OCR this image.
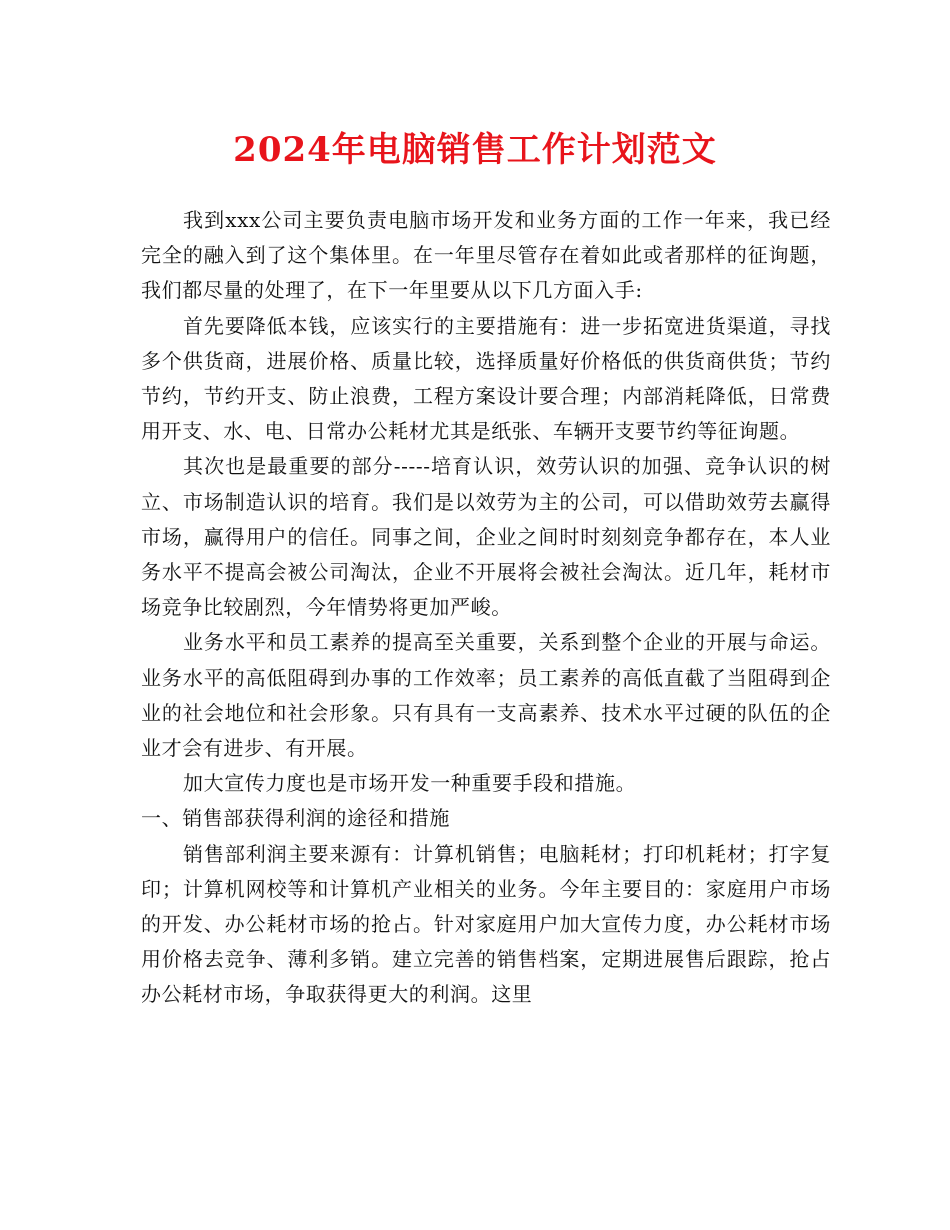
2024年电脑销售工作计划范文

我到xxx公司主要负责电脑市场开发和业务方面的工作一年来，我已经完全的融入到了这个集体里。在一年里尽管存在着如此或者那样的征询题，我们都尽量的处理了，在下一年里要从以下几方面入手:

首先要降低本钱，应该实行的主要措施有：进一步拓宽进货渠道，寻找多个供货商，进展价格、质量比较，选择质量好价格低的供货商供货；节约节约，节约开支、防止浪费，工程方案设计要合理；内部消耗降低，日常费用开支、水、电、日常办公耗材尤其是纸张、车辆开支要节约等征询题。

其次也是最重要的部分-----培育认识，效劳认识的加强、竞争认识的树立、市场制造认识的培育。我们是以效劳为主的公司，可以借助效劳去赢得市场，赢得用户的信任。同事之间，企业之间时时刻刻竞争都存在，本人业务水平不提高会被公司淘汰，企业不开展将会被社会淘汰。近几年，耗材市场竞争比较剧烈，今年情势将更加严峻。

业务水平和员工素养的提高至关重要，关系到整个企业的开展与命运。业务水平的高低阻碍到办事的工作效率；员工素养的高低直截了当阻碍到企业的社会地位和社会形象。只有具有一支高素养、技术水平过硬的队伍的企业才会有进步、有开展。

加大宣传力度也是市场开发一种重要手段和措施。

一、销售部获得利润的途径和措施

销售部利润主要来源有：计算机销售；电脑耗材；打印机耗材；打字复印；计算机网校等和计算机产业相关的业务。今年主要目的：家庭用户市场的开发、办公耗材市场的抢占。针对家庭用户加大宣传力度，办公耗材市场用价格去竞争、薄利多销。建立完善的销售档案，定期进展售后跟踪，抢占办公耗材市场，争取获得更大的利润。这里
